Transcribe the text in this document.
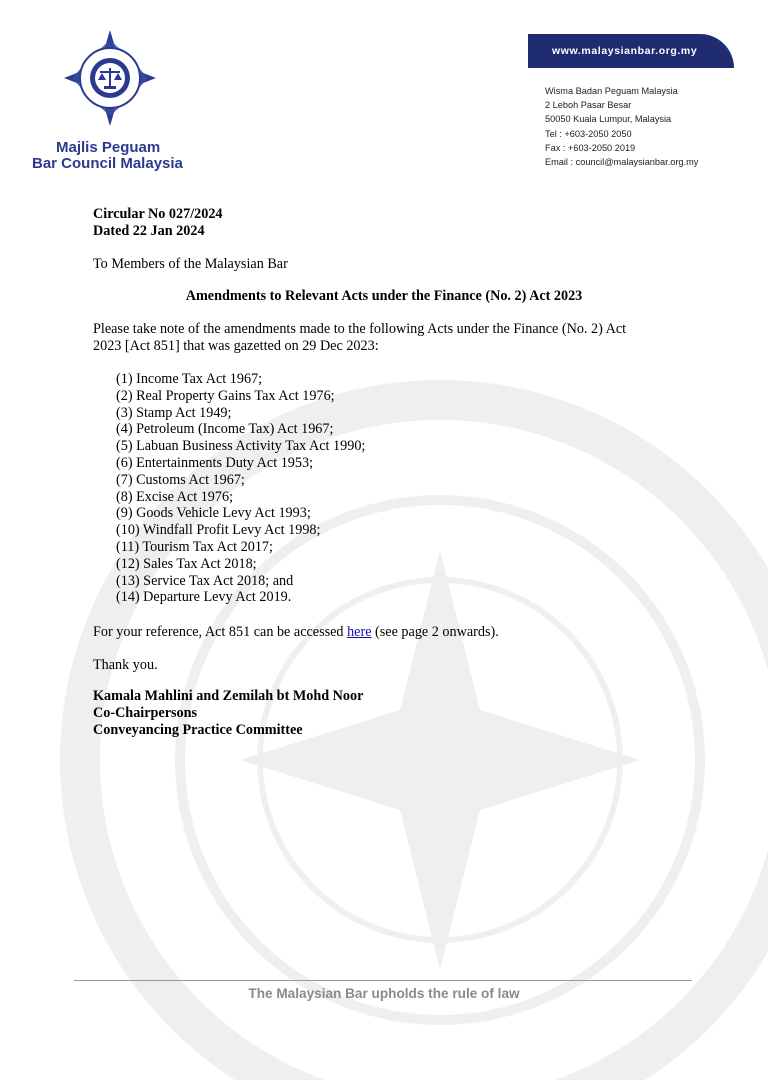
Majlis Peguam
Bar Council Malaysia
www.malaysianbar.org.my
Wisma Badan Peguam Malaysia
2 Leboh Pasar Besar
50050 Kuala Lumpur, Malaysia
Tel : +603-2050 2050
Fax : +603-2050 2019
Email : council@malaysianbar.org.my
Circular No 027/2024
Dated 22 Jan 2024
To Members of the Malaysian Bar
Amendments to Relevant Acts under the Finance (No. 2) Act 2023
Please take note of the amendments made to the following Acts under the Finance (No. 2) Act
2023 [Act 851] that was gazetted on 29 Dec 2023:
(1) Income Tax Act 1967;
(2) Real Property Gains Tax Act 1976;
(3) Stamp Act 1949;
(4) Petroleum (Income Tax) Act 1967;
(5) Labuan Business Activity Tax Act 1990;
(6) Entertainments Duty Act 1953;
(7) Customs Act 1967;
(8) Excise Act 1976;
(9) Goods Vehicle Levy Act 1993;
(10) Windfall Profit Levy Act 1998;
(11) Tourism Tax Act 2017;
(12) Sales Tax Act 2018;
(13) Service Tax Act 2018; and
(14) Departure Levy Act 2019.
For your reference, Act 851 can be accessed here (see page 2 onwards).
Thank you.
Kamala Mahlini and Zemilah bt Mohd Noor
Co-Chairpersons
Conveyancing Practice Committee
The Malaysian Bar upholds the rule of law
